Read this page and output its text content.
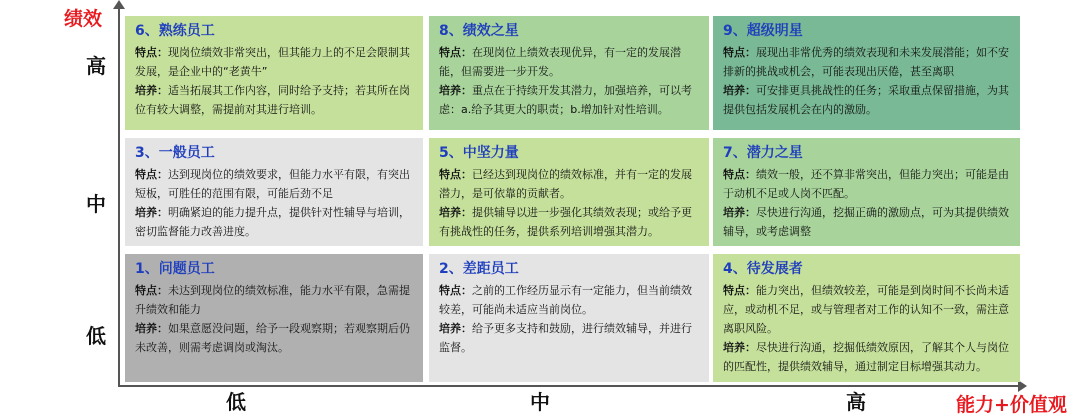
绩效
能力+价值观
高
中
低
低	中	高
6、熟练员工

特点：现岗位绩效非常突出，但其能力上的不足会限制其发展，是企业中的“老黄牛”

培养：适当拓展其工作内容，同时给予支持；若其所在岗位有较大调整，需提前对其进行培训。

8、绩效之星

特点：在现岗位上绩效表现优异，有一定的发展潜能，但需要进一步开发。

培养：重点在于持续开发其潜力，加强培养，可以考虑：a.给予其更大的职责；b.增加针对性培训。

9、超级明星

特点：展现出非常优秀的绩效表现和未来发展潜能；如不安排新的挑战或机会，可能表现出厌倦，甚至离职

培养：可安排更具挑战性的任务；采取重点保留措施，为其提供包括发展机会在内的激励。

3、一般员工

特点：达到现岗位的绩效要求，但能力水平有限，有突出短板，可胜任的范围有限，可能后劲不足

培养：明确紧迫的能力提升点，提供针对性辅导与培训，密切监督能力改善进度。

5、中坚力量

特点：已经达到现岗位的绩效标准，并有一定的发展潜力，是可依靠的贡献者。

培养：提供辅导以进一步强化其绩效表现；或给予更有挑战性的任务，提供系列培训增强其潜力。

7、潜力之星

特点：绩效一般，还不算非常突出，但能力突出；可能是由于动机不足或人岗不匹配。

培养：尽快进行沟通，挖掘正确的激励点，可为其提供绩效辅导，或考虑调整

1、问题员工

特点：未达到现岗位的绩效标准，能力水平有限，急需提升绩效和能力

培养：如果意愿没问题，给予一段观察期；若观察期后仍未改善，则需考虑调岗或淘汰。

2、差距员工

特点：之前的工作经历显示有一定能力，但当前绩效较差，可能尚未适应当前岗位。

培养：给予更多支持和鼓励，进行绩效辅导，并进行监督。

4、待发展者

特点：能力突出，但绩效较差，可能是到岗时间不长尚未适应，或动机不足，或与管理者对工作的认知不一致，需注意离职风险。

培养：尽快进行沟通，挖掘低绩效原因，了解其个人与岗位的匹配性，提供绩效辅导，通过制定目标增强其动力。
